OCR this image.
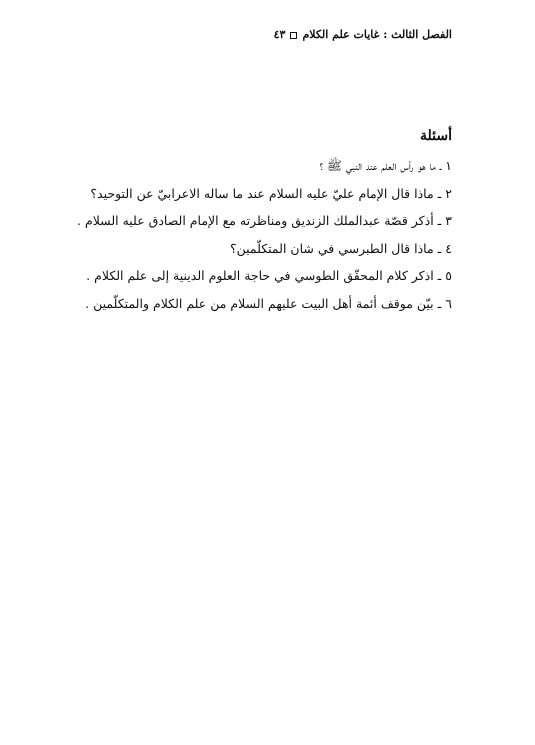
الفصل الثالث : غايات علم الكلام٤٣
أسئلة
١ ـ ما هو رأس العلم عند النبي ﷺ ؟
٢ ـ ماذا قال الإمام عليّ عليه السلام عند ما ساله الاعرابيّ عن التوحيد؟
٣ ـ أذكر قصّة عبدالملك الزنديق ومناظرته مع الإمام الصادق عليه السلام .
٤ ـ ماذا قال الطبرسي في شان المتكلّمين؟
٥ ـ اذكر كلام المحقّق الطوسي في حاجة العلوم الدينية إلى علم الكلام .
٦ ـ بيّن موقف أئمة أهل البيت عليهم السلام من علم الكلام والمتكلّمين .
